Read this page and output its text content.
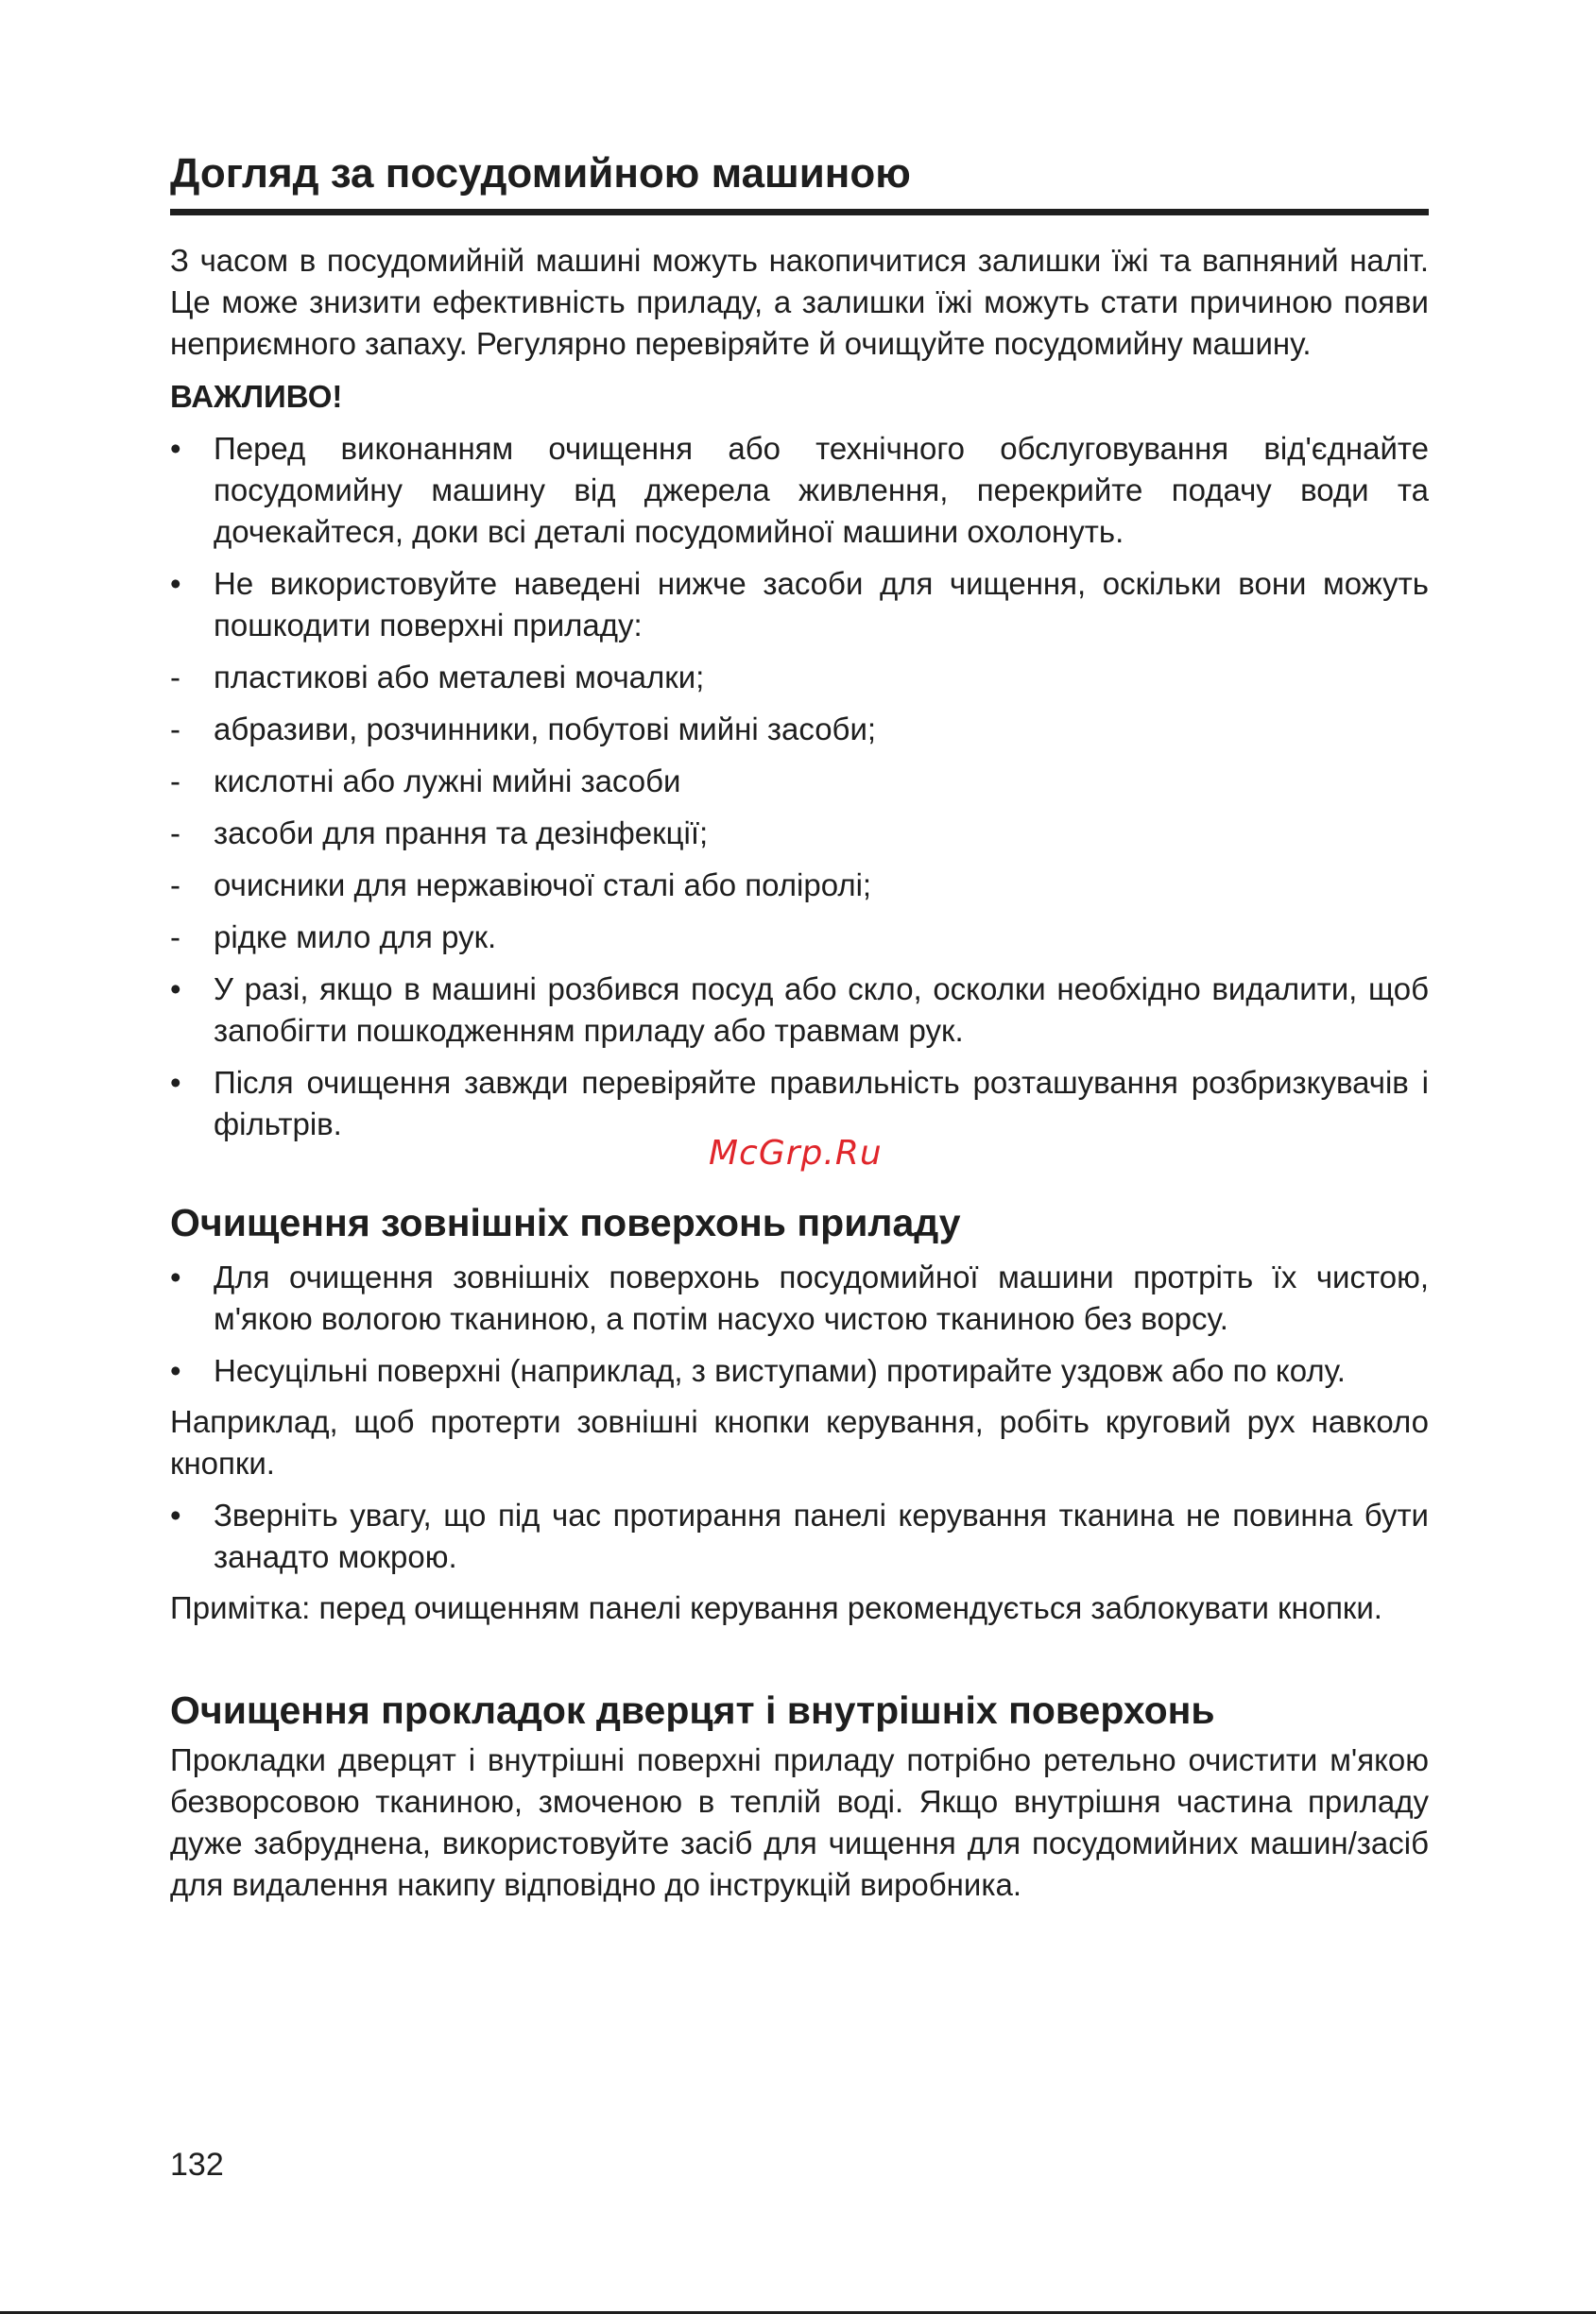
Догляд за посудомийною машиною

З часом в посудомийній машині можуть накопичитися залишки їжі та вапняний наліт. Це може знизити ефективність приладу, а залишки їжі можуть стати причиною появи неприємного запаху. Регулярно перевіряйте й очищуйте посудомийну машину.

ВАЖЛИВО!

•	Перед виконанням очищення або технічного обслуговування від'єднайте посудомийну машину від джерела живлення, перекрийте подачу води та дочекайтеся, доки всі деталі посудомийної машини охолонуть.
•	Не використовуйте наведені нижче засоби для чищення, оскільки вони можуть пошкодити поверхні приладу:
-	пластикові або металеві мочалки;
-	абразиви, розчинники, побутові мийні засоби;
-	кислотні або лужні мийні засоби
-	засоби для прання та дезінфекції;
-	очисники для нержавіючої сталі або поліролі;
-	рідке мило для рук.
•	У разі, якщо в машині розбився посуд або скло, осколки необхідно видалити, щоб запобігти пошкодженням приладу або травмам рук.
•	Після очищення завжди перевіряйте правильність розташування розбризкувачів і фільтрів.
Очищення зовнішніх поверхонь приладу
•	Для очищення зовнішніх поверхонь посудомийної машини протріть їх чистою, м'якою вологою тканиною, а потім насухо чистою тканиною без ворсу.
•	Несуцільні поверхні (наприклад, з виступами) протирайте уздовж або по колу.

Наприклад, щоб протерти зовнішні кнопки керування, робіть круговий рух навколо кнопки.

•	Зверніть увагу, що під час протирання панелі керування тканина не повинна бути занадто мокрою.

Примітка: перед очищенням панелі керування рекомендується заблокувати кнопки.

Очищення прокладок дверцят і внутрішніх поверхонь

Прокладки дверцят і внутрішні поверхні приладу потрібно ретельно очистити м'якою безворсовою тканиною, змоченою в теплій воді. Якщо внутрішня частина приладу дуже забруднена, використовуйте засіб для чищення для посудомийних машин/засіб для видалення накипу відповідно до інструкцій виробника.

McGrp.Ru
132
